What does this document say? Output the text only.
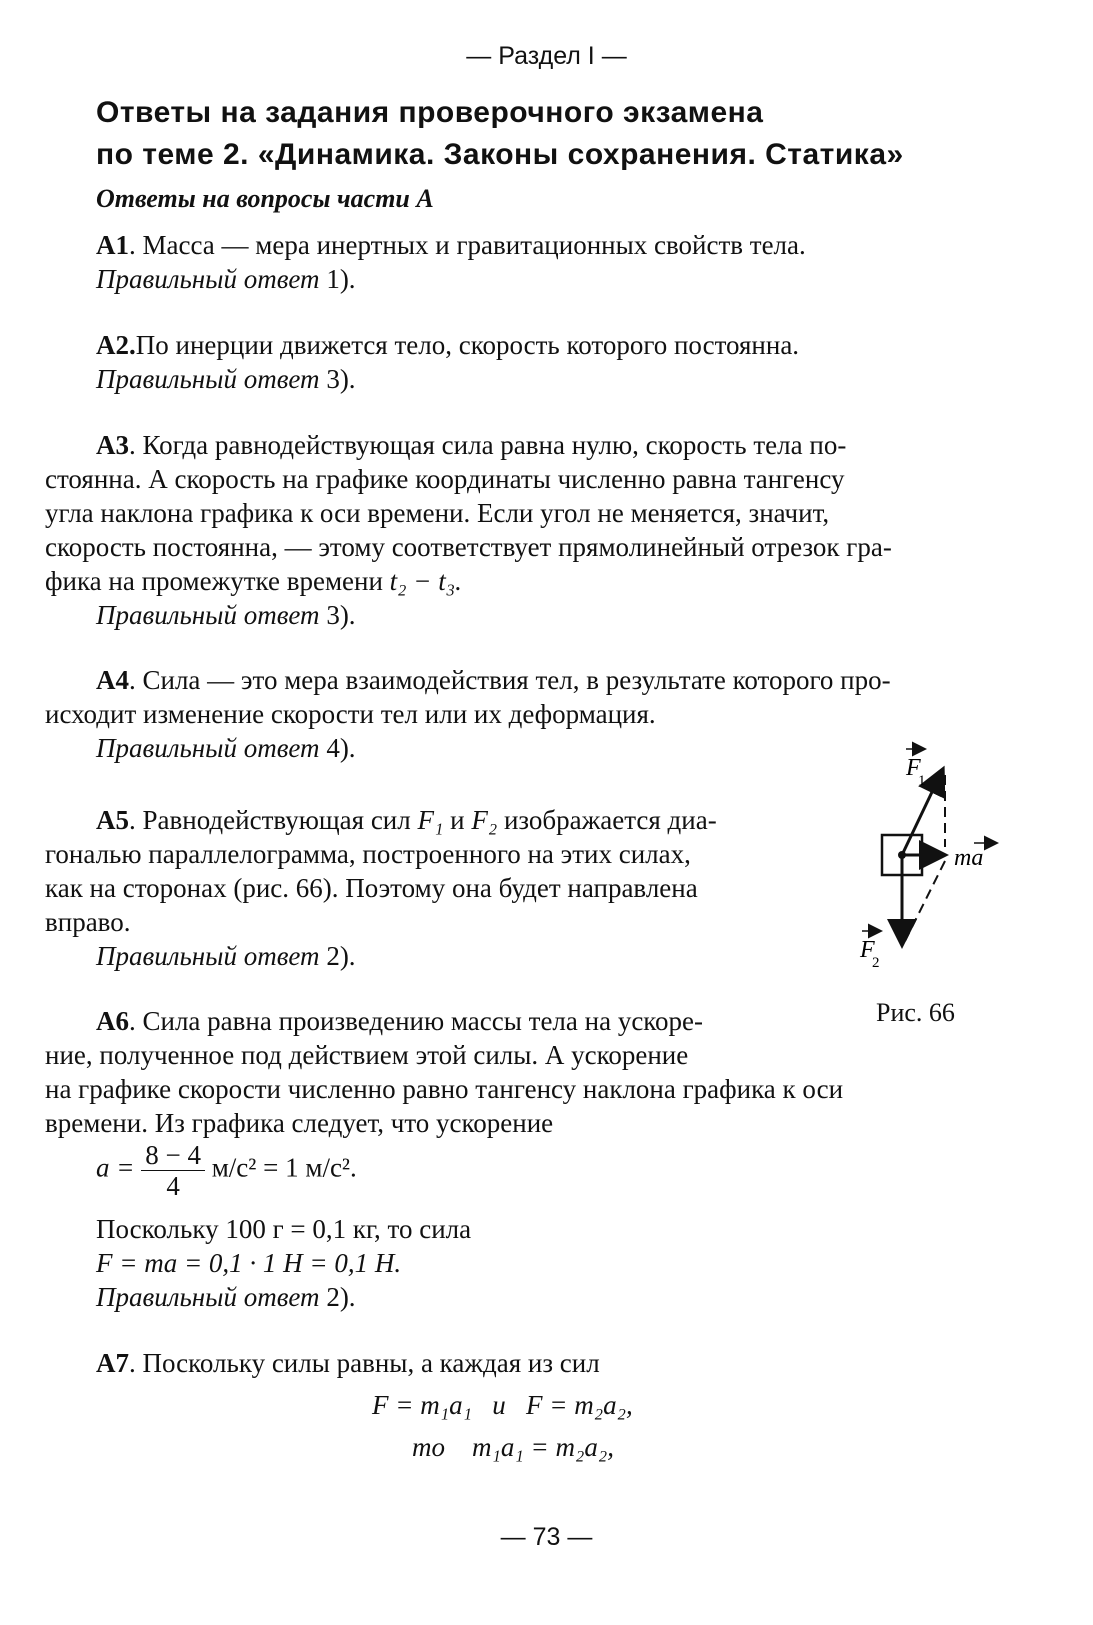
— Раздел I —
Ответы на задания проверочного экзамена
по теме 2. «Динамика. Законы сохранения. Статика»
Ответы на вопросы части А
А1. Масса — мера инертных и гравитационных свойств тела.
Правильный ответ 1).
А2.По инерции движется тело, скорость которого постоянна.
Правильный ответ 3).
А3. Когда равнодействующая сила равна нулю, скорость тела по-
стоянна. А скорость на графике координаты численно равна тангенсу
угла наклона графика к оси времени. Если угол не меняется, значит,
скорость постоянна, — этому соответствует прямолинейный отрезок гра-
фика на промежутке времени t₂ − t₃.
Правильный ответ 3).
А4. Сила — это мера взаимодействия тел, в результате которого про-
исходит изменение скорости тел или их деформация.
Правильный ответ 4).
А5. Равнодействующая сил F₁ и F₂ изображается диа-
гональю параллелограмма, построенного на этих силах,
как на сторонах (рис. 66). Поэтому она будет направлена
вправо.
Правильный ответ 2).
F
1
F
2
ma
Рис. 66
А6. Сила равна произведению массы тела на ускоре-
ние, полученное под действием этой силы. А ускорение
на графике скорости численно равно тангенсу наклона графика к оси
времени. Из графика следует, что ускорение
$a = \frac{8 - 4}{4} м/с^2 = 1$ м/с².
Поскольку 100 г = 0,1 кг, то сила
F = ma = 0,1 · 1 Н = 0,1 Н.
Правильный ответ 2).
А7. Поскольку силы равны, а каждая из сил
F = m₁a₁   и   F = m₂a₂,
то    m₁a₁ = m₂a₂,
— 73 —
